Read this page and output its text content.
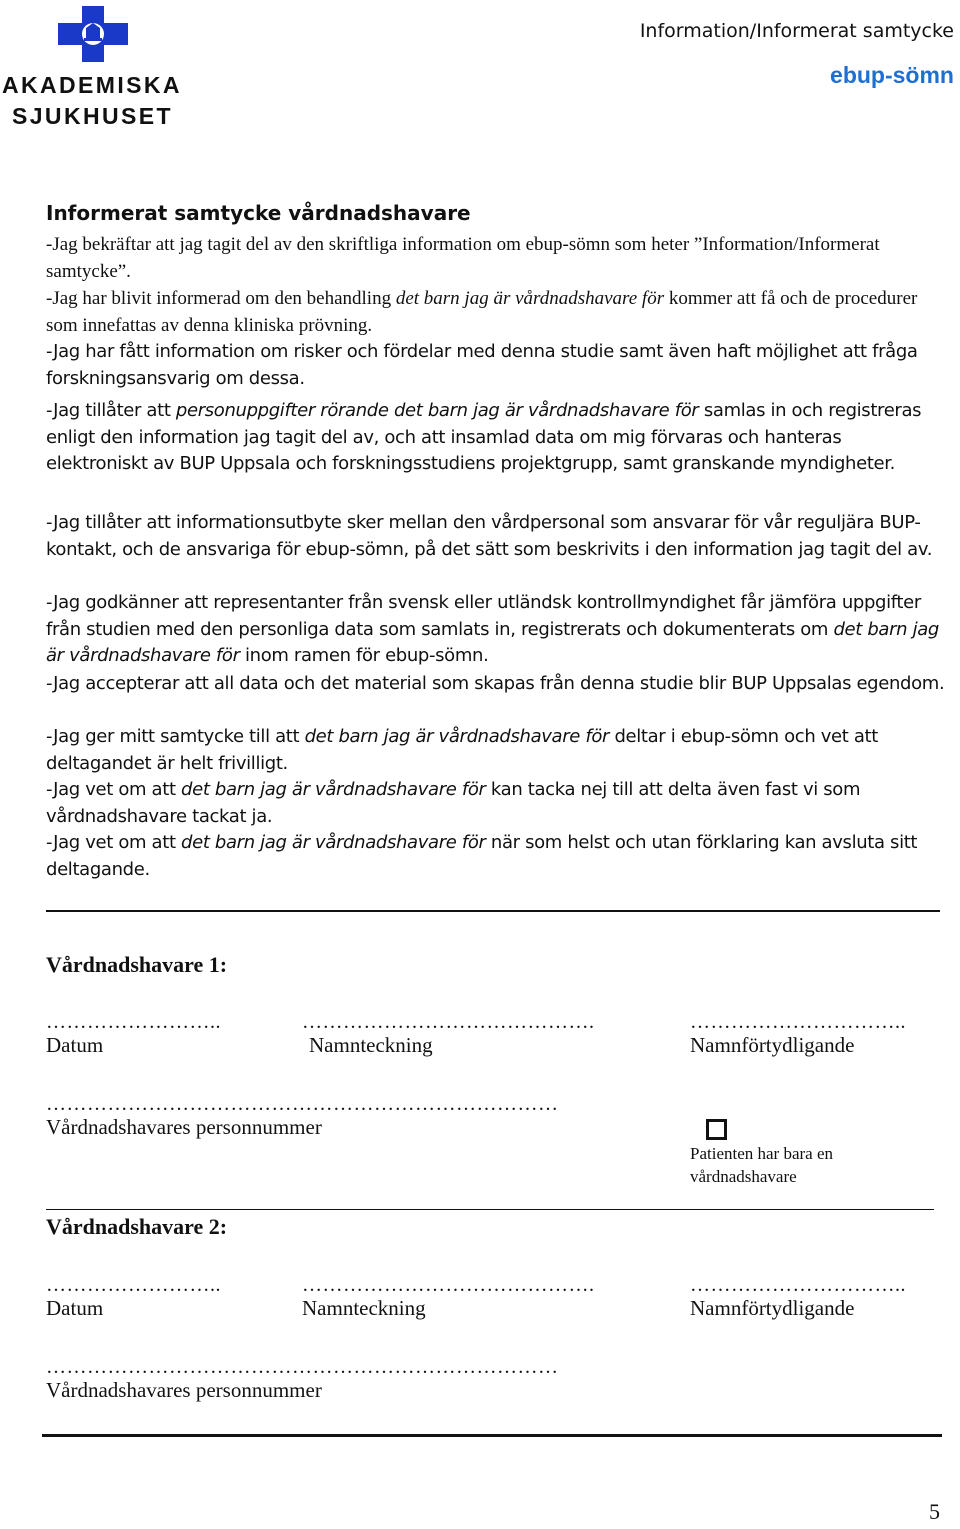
AKADEMISKA
SJUKHUSET
Information/Informerat samtycke
ebup-sömn
Informerat samtycke vårdnadshavare

-Jag bekräftar att jag tagit del av den skriftliga information om ebup-sömn som heter ”Information/Informerat samtycke”.

-Jag har blivit informerad om den behandling det barn jag är vårdnadshavare för kommer att få och de procedurer som innefattas av denna kliniska prövning.

-Jag har fått information om risker och fördelar med denna studie samt även haft möjlighet att fråga forskningsansvarig om dessa.

-Jag tillåter att personuppgifter rörande det barn jag är vårdnadshavare för samlas in och registreras enligt den information jag tagit del av, och att insamlad data om mig förvaras och hanteras elektroniskt av BUP Uppsala och forskningsstudiens projektgrupp, samt granskande myndigheter.

-Jag tillåter att informationsutbyte sker mellan den vårdpersonal som ansvarar för vår reguljära BUP-kontakt, och de ansvariga för ebup-sömn, på det sätt som beskrivits i den information jag tagit del av.

-Jag godkänner att representanter från svensk eller utländsk kontrollmyndighet får jämföra uppgifter från studien med den personliga data som samlats in, registrerats och dokumenterats om det barn jag är vårdnadshavare för inom ramen för ebup-sömn.

-Jag accepterar att all data och det material som skapas från denna studie blir BUP Uppsalas egendom.

-Jag ger mitt samtycke till att det barn jag är vårdnadshavare för deltar i ebup-sömn och vet att deltagandet är helt frivilligt.

-Jag vet om att det barn jag är vårdnadshavare för kan tacka nej till att delta även fast vi som vårdnadshavare tackat ja.

-Jag vet om att det barn jag är vårdnadshavare för när som helst och utan förklaring kan avsluta sitt deltagande.

Vårdnadshavare 1:
……………………..	…………………………………….	…………………………..
Datum	Namnteckning	Namnförtydligande
…………………………………………………………………
Vårdnadshavares personnummer
Patienten har bara en vårdnadshavare
Vårdnadshavare 2:
……………………..	…………………………………….	…………………………..
Datum	Namnteckning	Namnförtydligande
…………………………………………………………………
Vårdnadshavares personnummer
5
